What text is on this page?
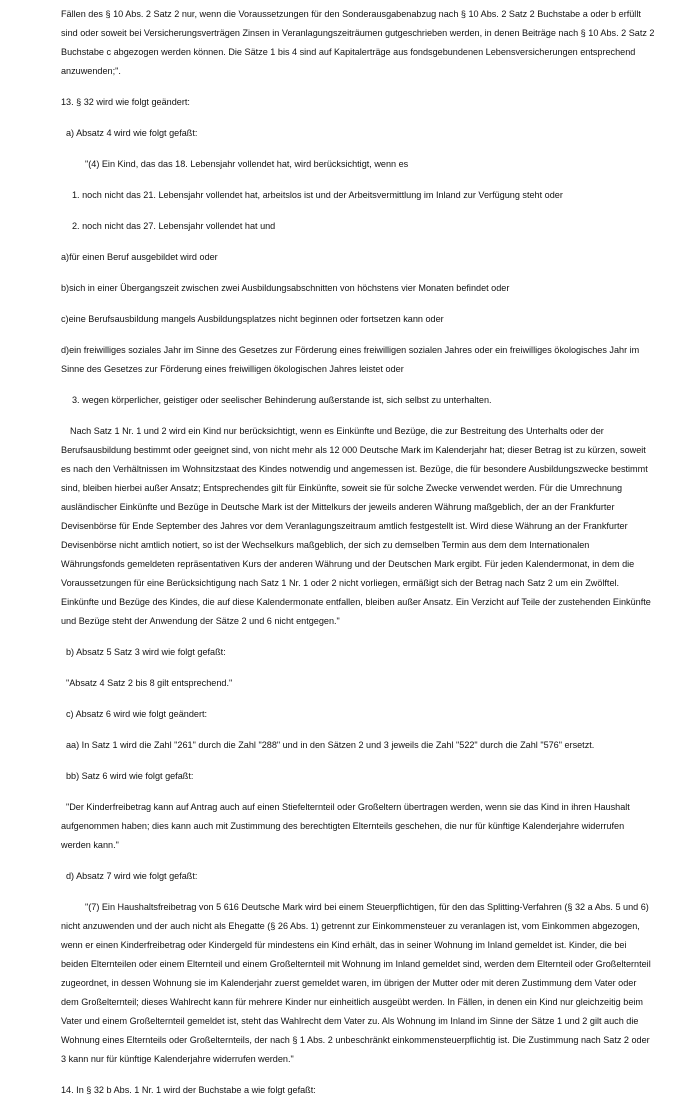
Fällen des § 10 Abs. 2 Satz 2 nur, wenn die Voraussetzungen für den Sonderausgabenabzug nach § 10 Abs. 2 Satz 2 Buchstabe a oder b erfüllt sind oder soweit bei Versicherungsverträgen Zinsen in Veranlagungszeiträumen gutgeschrieben werden, in denen Beiträge nach § 10 Abs. 2 Satz 2 Buchstabe c abgezogen werden können. Die Sätze 1 bis 4 sind auf Kapitalerträge aus fondsgebundenen Lebensversicherungen entsprechend anzuwenden;".

13. § 32 wird wie folgt geändert:

a) Absatz 4 wird wie folgt gefaßt:

"(4) Ein Kind, das das 18. Lebensjahr vollendet hat, wird berücksichtigt, wenn es

1. noch nicht das 21. Lebensjahr vollendet hat, arbeitslos ist und der Arbeitsvermittlung im Inland zur Verfügung steht oder

2. noch nicht das 27. Lebensjahr vollendet hat und

a)für einen Beruf ausgebildet wird oder

b)sich in einer Übergangszeit zwischen zwei Ausbildungsabschnitten von höchstens vier Monaten befindet oder

c)eine Berufsausbildung mangels Ausbildungsplatzes nicht beginnen oder fortsetzen kann oder

d)ein freiwilliges soziales Jahr im Sinne des Gesetzes zur Förderung eines freiwilligen sozialen Jahres oder ein freiwilliges ökologisches Jahr im Sinne des Gesetzes zur Förderung eines freiwilligen ökologischen Jahres leistet oder

3. wegen körperlicher, geistiger oder seelischer Behinderung außerstande ist, sich selbst zu unterhalten.

Nach Satz 1 Nr. 1 und 2 wird ein Kind nur berücksichtigt, wenn es Einkünfte und Bezüge, die zur Bestreitung des Unterhalts oder der Berufsausbildung bestimmt oder geeignet sind, von nicht mehr als 12 000 Deutsche Mark im Kalenderjahr hat; dieser Betrag ist zu kürzen, soweit es nach den Verhältnissen im Wohnsitzstaat des Kindes notwendig und angemessen ist. Bezüge, die für besondere Ausbildungszwecke bestimmt sind, bleiben hierbei außer Ansatz; Entsprechendes gilt für Einkünfte, soweit sie für solche Zwecke verwendet werden. Für die Umrechnung ausländischer Einkünfte und Bezüge in Deutsche Mark ist der Mittelkurs der jeweils anderen Währung maßgeblich, der an der Frankfurter Devisenbörse für Ende September des Jahres vor dem Veranlagungszeitraum amtlich festgestellt ist. Wird diese Währung an der Frankfurter Devisenbörse nicht amtlich notiert, so ist der Wechselkurs maßgeblich, der sich zu demselben Termin aus dem dem Internationalen Währungsfonds gemeldeten repräsentativen Kurs der anderen Währung und der Deutschen Mark ergibt. Für jeden Kalendermonat, in dem die Voraussetzungen für eine Berücksichtigung nach Satz 1 Nr. 1 oder 2 nicht vorliegen, ermäßigt sich der Betrag nach Satz 2 um ein Zwölftel. Einkünfte und Bezüge des Kindes, die auf diese Kalendermonate entfallen, bleiben außer Ansatz. Ein Verzicht auf Teile der zustehenden Einkünfte und Bezüge steht der Anwendung der Sätze 2 und 6 nicht entgegen."

b) Absatz 5 Satz 3 wird wie folgt gefaßt:

"Absatz 4 Satz 2 bis 8 gilt entsprechend."

c) Absatz 6 wird wie folgt geändert:

aa) In Satz 1 wird die Zahl "261" durch die Zahl "288" und in den Sätzen 2 und 3 jeweils die Zahl "522" durch die Zahl "576" ersetzt.

bb) Satz 6 wird wie folgt gefaßt:

"Der Kinderfreibetrag kann auf Antrag auch auf einen Stiefelternteil oder Großeltern übertragen werden, wenn sie das Kind in ihren Haushalt aufgenommen haben; dies kann auch mit Zustimmung des berechtigten Elternteils geschehen, die nur für künftige Kalenderjahre widerrufen werden kann."

d) Absatz 7 wird wie folgt gefaßt:

"(7) Ein Haushaltsfreibetrag von 5 616 Deutsche Mark wird bei einem Steuerpflichtigen, für den das Splitting-Verfahren (§ 32 a Abs. 5 und 6) nicht anzuwenden und der auch nicht als Ehegatte (§ 26 Abs. 1) getrennt zur Einkommensteuer zu veranlagen ist, vom Einkommen abgezogen, wenn er einen Kinderfreibetrag oder Kindergeld für mindestens ein Kind erhält, das in seiner Wohnung im Inland gemeldet ist. Kinder, die bei beiden Elternteilen oder einem Elternteil und einem Großelternteil mit Wohnung im Inland gemeldet sind, werden dem Elternteil oder Großelternteil zugeordnet, in dessen Wohnung sie im Kalenderjahr zuerst gemeldet waren, im übrigen der Mutter oder mit deren Zustimmung dem Vater oder dem Großelternteil; dieses Wahlrecht kann für mehrere Kinder nur einheitlich ausgeübt werden. In Fällen, in denen ein Kind nur gleichzeitig beim Vater und einem Großelternteil gemeldet ist, steht das Wahlrecht dem Vater zu. Als Wohnung im Inland im Sinne der Sätze 1 und 2 gilt auch die Wohnung eines Elternteils oder Großelternteils, der nach § 1 Abs. 2 unbeschränkt einkommensteuerpflichtig ist. Die Zustimmung nach Satz 2 oder 3 kann nur für künftige Kalenderjahre widerrufen werden."

14. In § 32 b Abs. 1 Nr. 1 wird der Buchstabe a wie folgt gefaßt:
